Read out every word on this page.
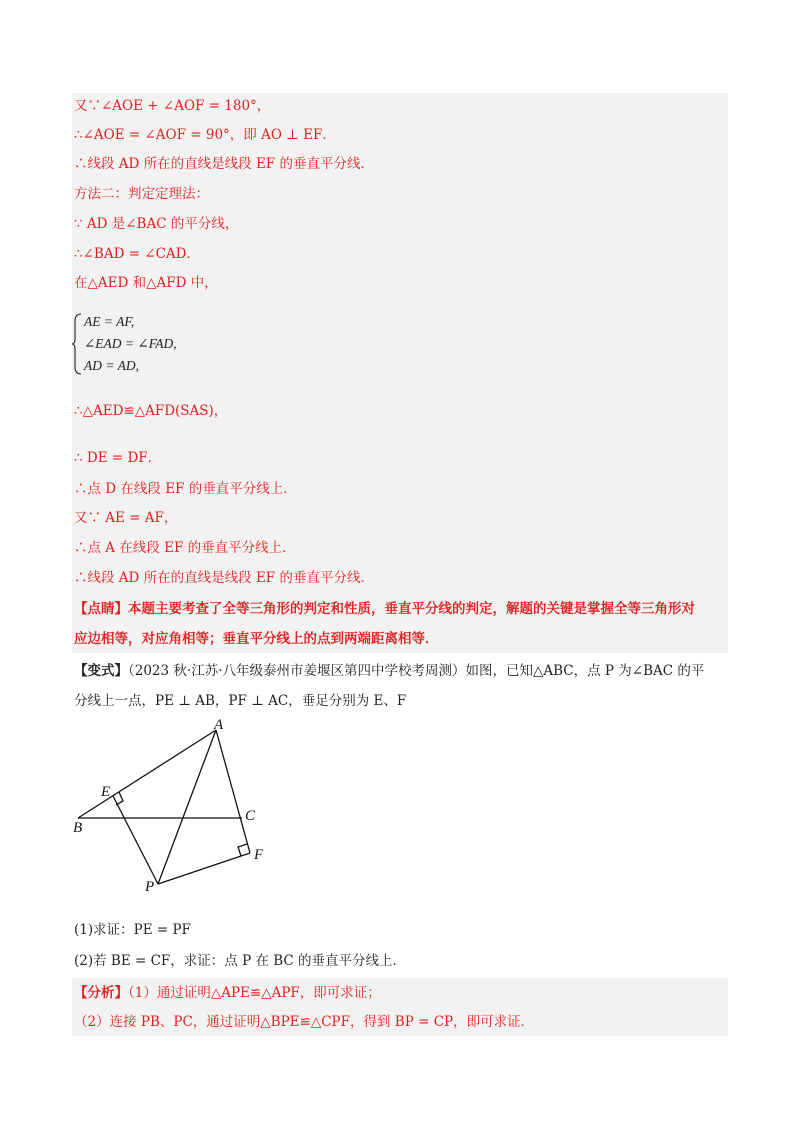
又∵∠AOE + ∠AOF = 180°，
∴∠AOE = ∠AOF = 90°，即 AO ⊥ EF．
∴线段 AD 所在的直线是线段 EF 的垂直平分线．
方法二：判定定理法：
∵ AD 是∠BAC 的平分线，
∴∠BAD = ∠CAD．
在△AED 和△AFD 中，
AE = AF,
∠EAD = ∠FAD,
AD = AD,
∴△AED≌△AFD(SAS)，
∴ DE = DF．
∴点 D 在线段 EF 的垂直平分线上．
又∵ AE = AF，
∴点 A 在线段 EF 的垂直平分线上．
∴线段 AD 所在的直线是线段 EF 的垂直平分线．
【点睛】本题主要考查了全等三角形的判定和性质，垂直平分线的判定，解题的关键是掌握全等三角形对
应边相等，对应角相等；垂直平分线上的点到两端距离相等．
【变式】（2023 秋·江苏·八年级泰州市姜堰区第四中学校考周测）如图，已知△ABC，点 P 为∠BAC 的平
分线上一点，PE ⊥ AB，PF ⊥ AC，垂足分别为 E、F
A
B
C
E
F
P
(1)求证：PE = PF
(2)若 BE = CF，求证：点 P 在 BC 的垂直平分线上．
【分析】（1）通过证明△APE≌△APF，即可求证；
（2）连接 PB、PC，通过证明△BPE≌△CPF，得到 BP = CP，即可求证．
